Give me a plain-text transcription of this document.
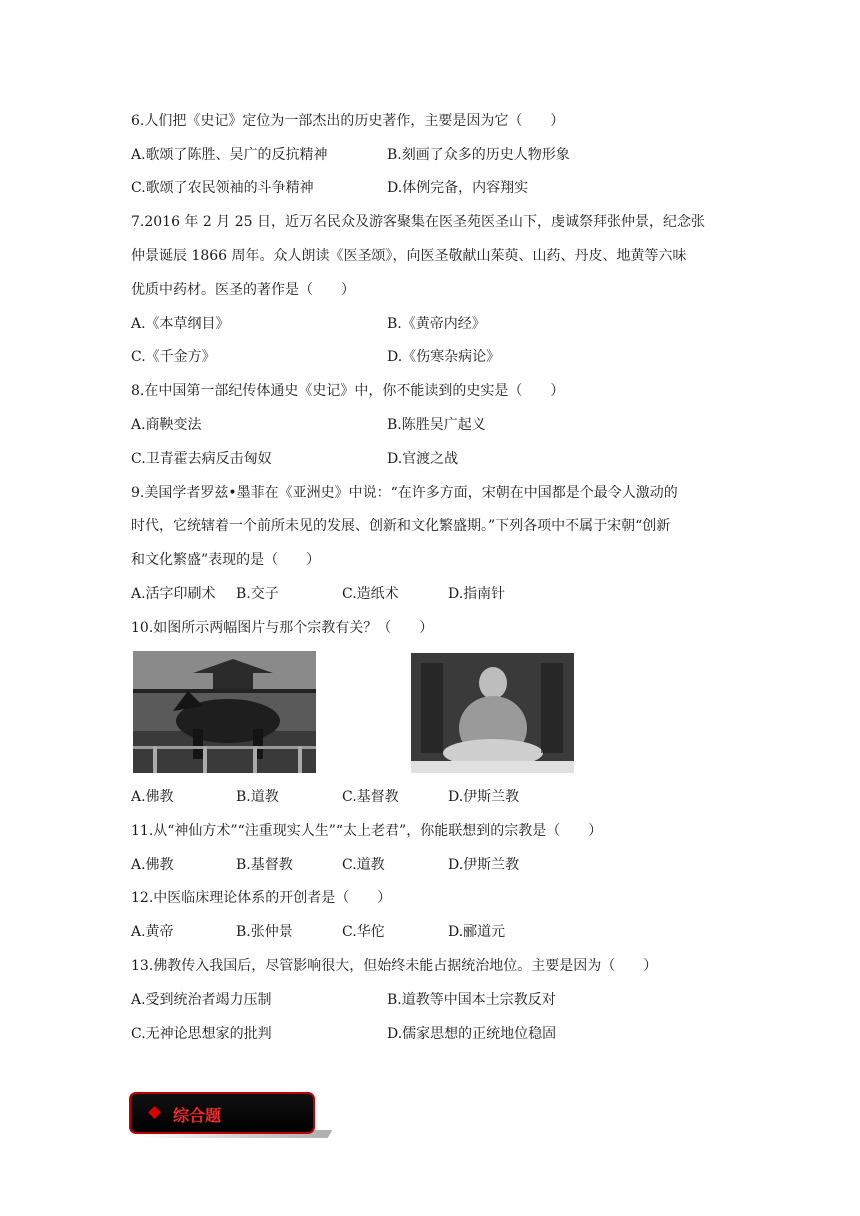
6.人们把《史记》定位为一部杰出的历史著作，主要是因为它（　　）
A.歌颂了陈胜、吴广的反抗精神	B.刻画了众多的历史人物形象
C.歌颂了农民领袖的斗争精神	D.体例完备，内容翔实
7.2016 年 2 月 25 日，近万名民众及游客聚集在医圣苑医圣山下，虔诚祭拜张仲景，纪念张
仲景诞辰 1866 周年。众人朗读《医圣颂》，向医圣敬献山茱萸、山药、丹皮、地黄等六味
优质中药材。医圣的著作是（　　）
A.《本草纲目》	B.《黄帝内经》
C.《千金方》	D.《伤寒杂病论》
8.在中国第一部纪传体通史《史记》中，你不能读到的史实是（　　）
A.商鞅变法	B.陈胜吴广起义
C.卫青霍去病反击匈奴	D.官渡之战
9.美国学者罗兹•墨菲在《亚洲史》中说：“在许多方面，宋朝在中国都是个最令人激动的
时代，它统辖着一个前所未见的发展、创新和文化繁盛期。”下列各项中不属于宋朝“创新
和文化繁盛”表现的是（　　）
A.活字印刷术 B.交子	C.造纸术	D.指南针
10.如图所示两幅图片与那个宗教有关？（　　）
A.佛教	B.道教	C.基督教	D.伊斯兰教
11.从“神仙方术”“注重现实人生”“太上老君”，你能联想到的宗教是（　　）
A.佛教	B.基督教	C.道教	D.伊斯兰教
12.中医临床理论体系的开创者是（　　）
A.黄帝	B.张仲景	C.华佗	D.郦道元
13.佛教传入我国后，尽管影响很大，但始终未能占据统治地位。主要是因为（　　）
A.受到统治者竭力压制	B.道教等中国本土宗教反对
C.无神论思想家的批判	D.儒家思想的正统地位稳固
综合题
